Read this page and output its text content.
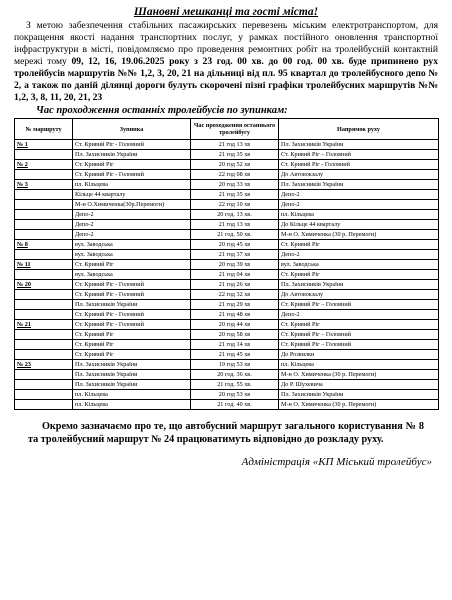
Шановні мешканці та гості міста!

З метою забезпечення стабільних пасажирських перевезень міським електротранспортом, для покращення якості надання транспортних послуг, у рамках постійного оновлення транспортної інфраструктури в місті, повідомляємо про проведення ремонтних робіт на тролейбусній контактній мережі тому 09, 12, 16, 19.06.2025 року з 23 год. 00 хв. до 00 год. 00 хв. буде припинено рух тролейбусів маршрутів №№ 1,2, 3, 20, 21 на дільниці від пл. 95 квартал до тролейбусного депо № 2, а також по даній ділянці дороги булуть скорочені пізні графіки тролейбусних маршрутів №№ 1,2, 3, 8, 11, 20, 21, 23

Час проходження останніх тролейбусів по зупинкам:

№ маршруту	Зупинка	Час проходження останнього тролейбусу	Напрямок руху
№ 1	Ст. Кривий Ріг - Головний	21 год 13 хв	Пл. Захисників України
	Пл. Захисників України	21 год 35 хв	Ст. Кривий Ріг – Головний
№ 2	Ст. Кривий Ріг	20 год 52 хв	Ст. Кривий Ріг - Головний
	Ст. Кривий Ріг - Головний	22 год 08 хв	До Автовокзалу
№ 3	пл. Кільцева	20 год 33 хв	Пл. Захисників України
	Кільце 44 кварталу	21 год 35 хв	Депо-2
	М-н О.Химиченка(30р.Перемоги)	22 год 10 хв	Депо-2
	Депо-2	20 год. 13 хв.	пл. Кільцева
	Депо-2	21 год 13 хв	До Кільце 44 кварталу
	Депо-2	21 год. 50 хв.	М-н О. Химиченка (30 р. Перемоги)
№ 8	вул. Заводська	20 год 45 хв	Ст. Кривий Ріг
	вул. Заводська	21 год 37 хв	Депо-2
№ 11	Ст. Кривий Ріг	20 год 39 хв	вул. Заводська
	вул. Заводська	21 год 04 хв	Ст. Кривий Ріг
№ 20	Ст. Кривий Ріг - Головний	21 год 26 хв	Пл. Захисників України
	Ст. Кривий Ріг - Головний	22 год 32 хв	До Автовокзалу
	Пл. Захисників України	21 год 29 хв	Ст. Кривий Ріг – Головний
	Ст. Кривий Ріг - Головний	21 год 48 хв	Депо-2
№ 21	Ст. Кривий Ріг - Головний	20 год 44 хв	Ст. Кривий Ріг
	Ст. Кривий Ріг	20 год 58 хв	Ст. Кривий Ріг – Головний
	Ст. Кривий Ріг	21 год 14 хв	Ст. Кривий Ріг – Головний
	Ст. Кривий Ріг	21 год 45 хв	До Розвилки
№ 23	Пл. Захисників України	19 год 53 хв	пл. Кільцева
	Пл. Захисників України	20 год. 36 хв.	М-н О. Химиченка (30 р. Перемоги)
	Пл. Захисників України	21 год. 55 хв.	До Р. Шухевича
	пл. Кільцева	20 год 53 хв	Пл. Захисників України
	пл. Кільцева	21 год. 40 хв.	М-н О. Химиченка (30 р. Перемоги)

Окремо зазначаємо про те, що автобусний маршрут загального користування № 8 та тролейбусний маршрут № 24 працюватимуть відповідно до розкладу руху.

Адміністрація «КП Міський тролейбус»
